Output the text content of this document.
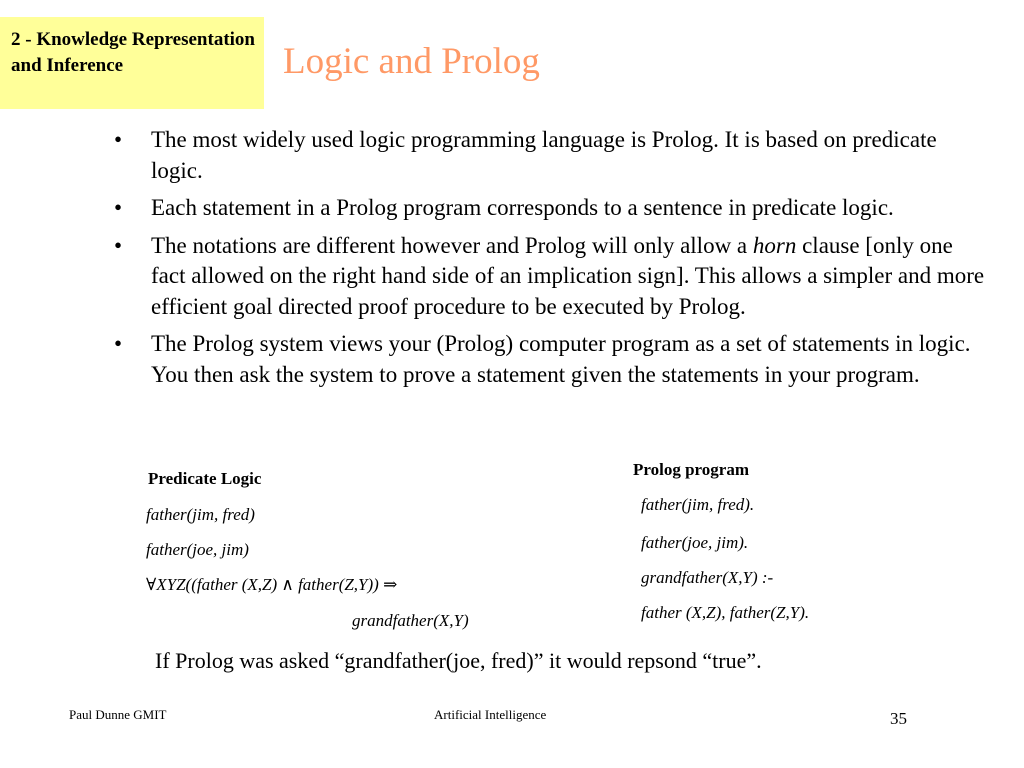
2 - Knowledge Representation and Inference	Logic and Prolog
• The most widely used logic programming language is Prolog. It is based on predicate logic.
• Each statement in a Prolog program corresponds to a sentence in predicate logic.
• The notations are different however and Prolog will only allow a horn clause [only one fact allowed on the right hand side of an implication sign]. This allows a simpler and more efficient goal directed proof procedure to be executed by Prolog.
• The Prolog system views your (Prolog) computer program as a set of statements in logic. You then ask the system to prove a statement given the statements in your program.
Predicate Logic
father(jim, fred)
father(joe, jim)
∀XYZ((father (X,Z) ∧ father(Z,Y)) ⇒
grandfather(X,Y)
Prolog program
father(jim, fred).
father(joe, jim).
grandfather(X,Y) :-
father (X,Z), father(Z,Y).
If Prolog was asked “grandfather(joe, fred)” it would repsond “true”.
Paul Dunne GMIT	Artificial Intelligence	35
